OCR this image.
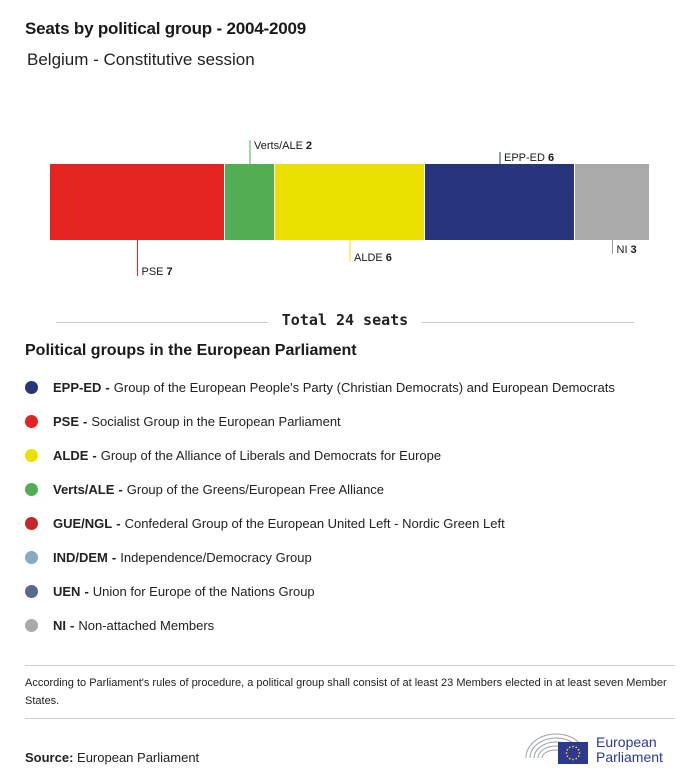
Seats by political group - 2004-2009
Belgium - Constitutive session
PSE 7
Verts/ALE 2
ALDE 6
EPP-ED 6
NI 3
Total 24 seats
Political groups in the European Parliament
EPP-ED - Group of the European People's Party (Christian Democrats) and European Democrats
PSE - Socialist Group in the European Parliament
ALDE - Group of the Alliance of Liberals and Democrats for Europe
Verts/ALE - Group of the Greens/European Free Alliance
GUE/NGL - Confederal Group of the European United Left - Nordic Green Left
IND/DEM - Independence/Democracy Group
UEN - Union for Europe of the Nations Group
NI - Non-attached Members
According to Parliament's rules of procedure, a political group shall consist of at least 23 Members elected in at least seven Member States.
Source: European Parliament
European
Parliament
